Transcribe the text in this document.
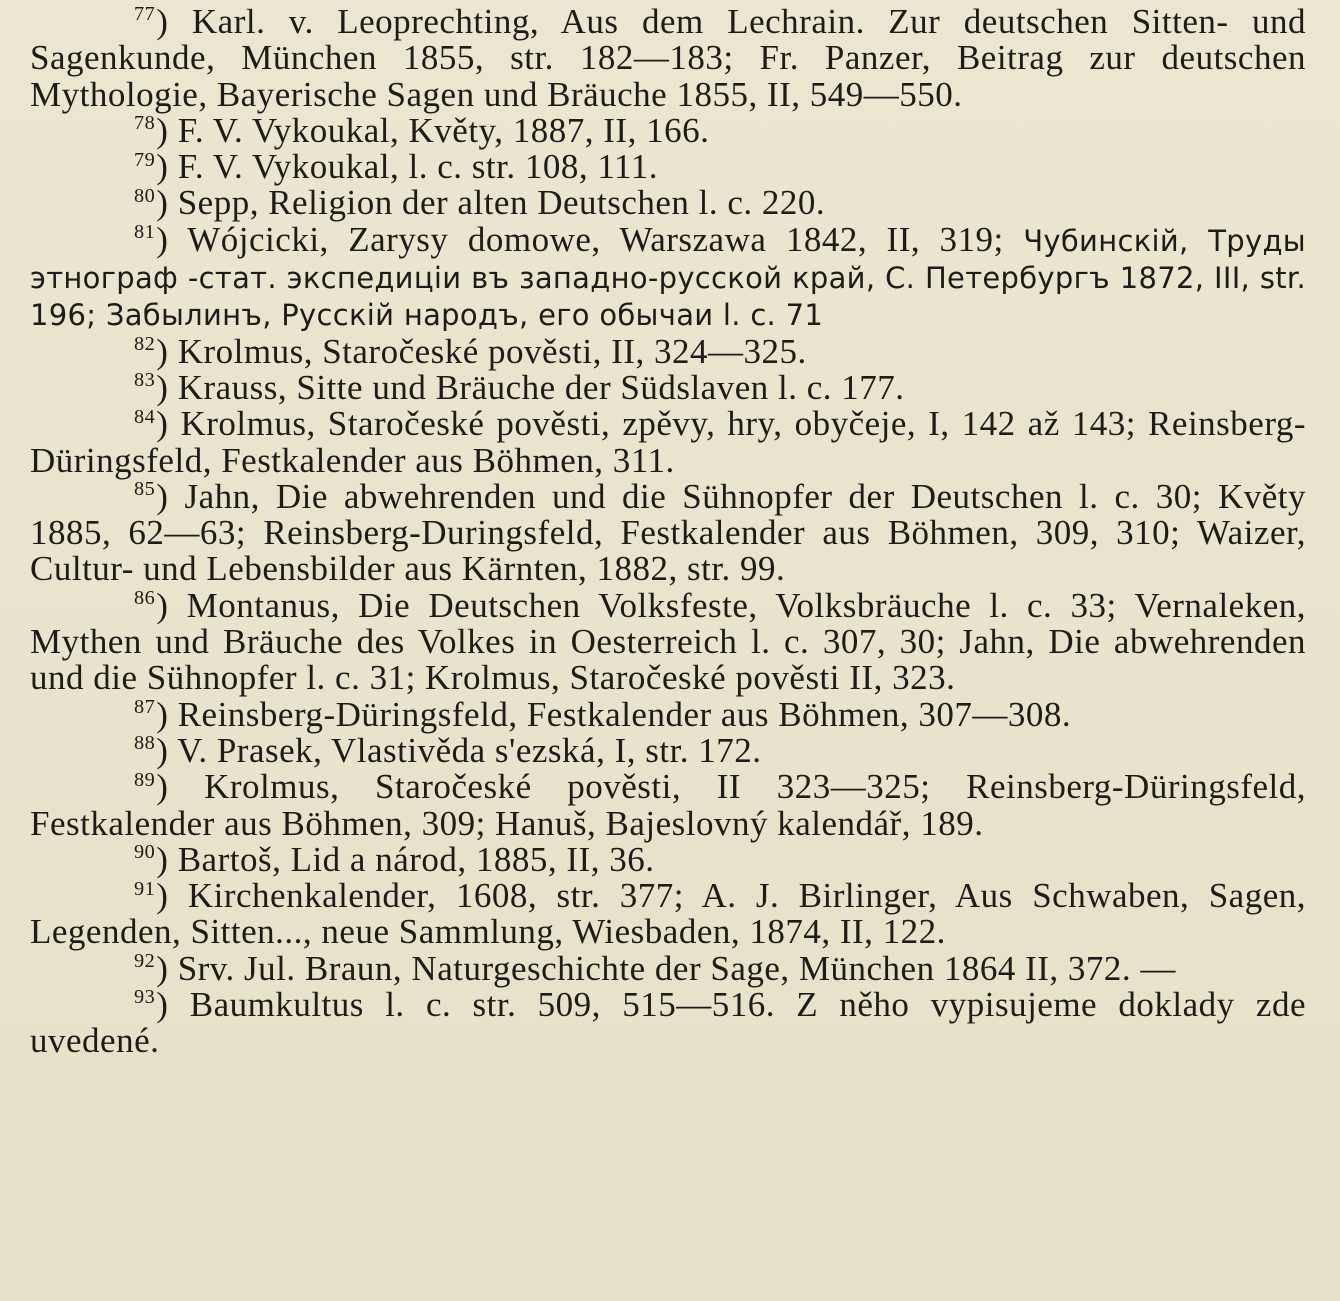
$^{77}$) Karl. v. Leoprechting, Aus dem Lechrain. Zur deutschen Sitten- und Sagenkunde, München 1855, str. 182—183; Fr. Panzer, Beitrag zur deutschen Mythologie, Bayerische Sagen und Bräuche 1855, II, 549—550.

$^{78}$) F. V. Vykoukal, Květy, 1887, II, 166.

$^{79}$) F. V. Vykoukal, l. c. str. 108, 111.

$^{80}$) Sepp, Religion der alten Deutschen l. c. 220.

$^{81}$) Wójcicki, Zarysy domowe, Warszawa 1842, II, 319; Чубинскій, Труды этнограф -стат. экспедиціи въ западно-русской край, С. Петербургъ 1872, III, str. 196; Забылинъ, Русскій народъ, его обычаи l. c. 71

$^{82}$) Krolmus, Staročeské pověsti, II, 324—325.

$^{83}$) Krauss, Sitte und Bräuche der Südslaven l. c. 177.

$^{84}$) Krolmus, Staročeské pověsti, zpěvy, hry, obyčeje, I, 142 až 143; Reinsberg-Düringsfeld, Festkalender aus Böhmen, 311.

$^{85}$) Jahn, Die abwehrenden und die Sühnopfer der Deutschen l. c. 30; Květy 1885, 62—63; Reinsberg-Duringsfeld, Festkalender aus Böhmen, 309, 310; Waizer, Cultur- und Lebensbilder aus Kärnten, 1882, str. 99.

$^{86}$) Montanus, Die Deutschen Volksfeste, Volksbräuche l. c. 33; Vernaleken, Mythen und Bräuche des Volkes in Oesterreich l. c. 307, 30; Jahn, Die abwehrenden und die Sühnopfer l. c. 31; Krolmus, Staročeské pověsti II, 323.

$^{87}$) Reinsberg-Düringsfeld, Festkalender aus Böhmen, 307—308.

$^{88}$) V. Prasek, Vlastivěda s'ezská, I, str. 172.

$^{89}$) Krolmus, Staročeské pověsti, II 323—325; Reinsberg-Düringsfeld, Festkalender aus Böhmen, 309; Hanuš, Bajeslovný kalendář, 189.

$^{90}$) Bartoš, Lid a národ, 1885, II, 36.

$^{91}$) Kirchenkalender, 1608, str. 377; A. J. Birlinger, Aus Schwaben, Sagen, Legenden, Sitten..., neue Sammlung, Wiesbaden, 1874, II, 122.

$^{92}$) Srv. Jul. Braun, Naturgeschichte der Sage, München 1864 II, 372. —

$^{93}$) Baumkultus l. c. str. 509, 515—516. Z něho vypisujeme doklady zde uvedené.
